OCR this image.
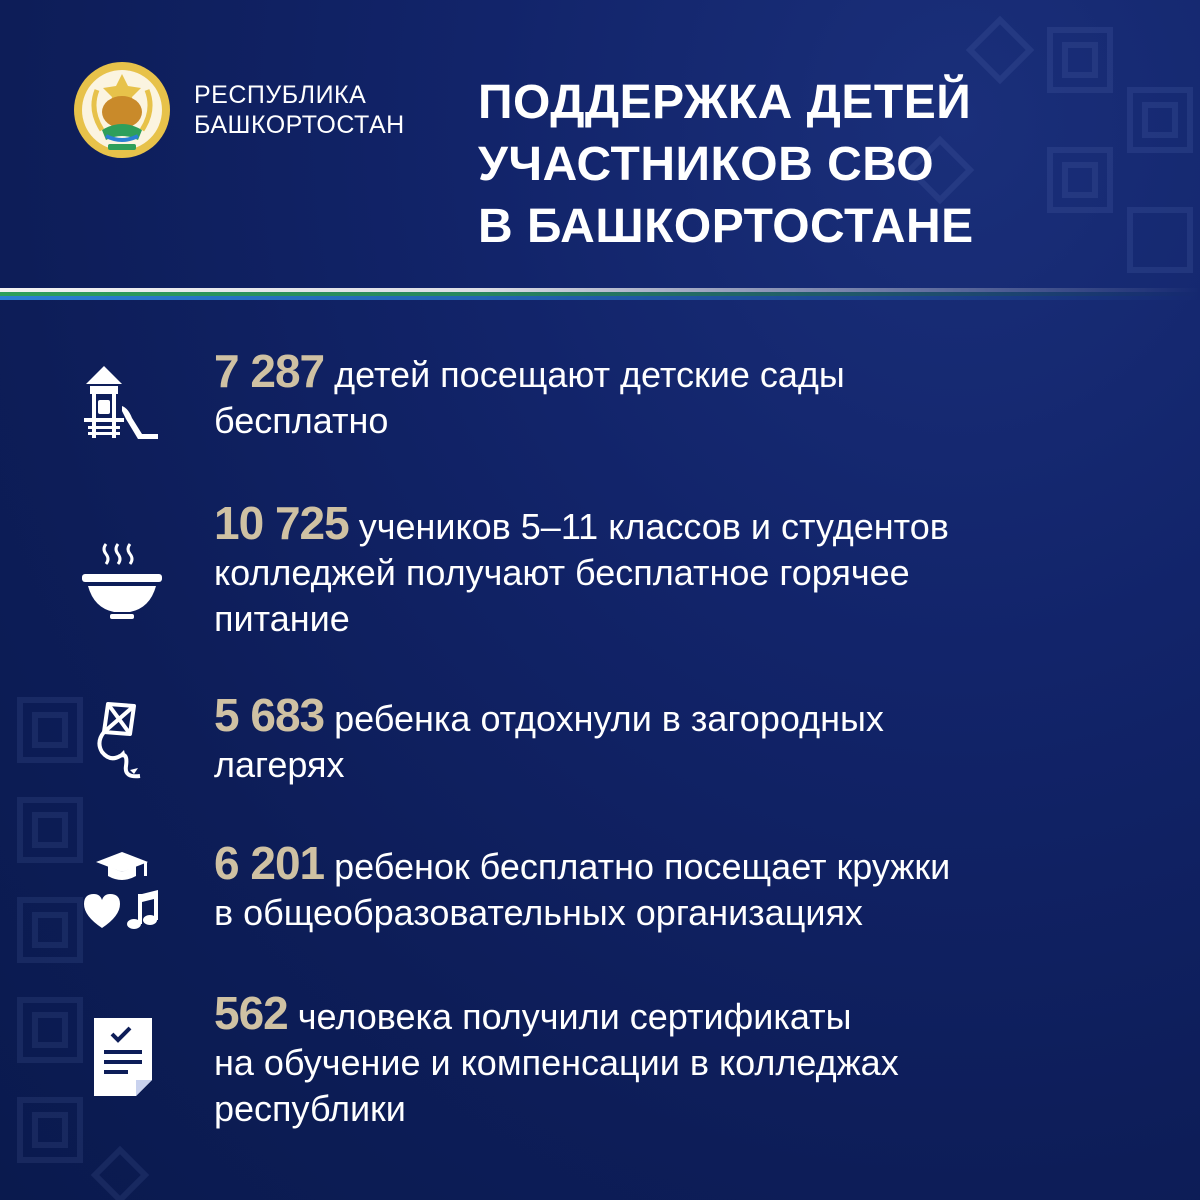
РЕСПУБЛИКА
БАШКОРТОСТАН ПОДДЕРЖКА ДЕТЕЙ
УЧАСТНИКОВ СВО
В БАШКОРТОСТАНЕ
7 287 детей посещают детские сады
бесплатно
10 725 учеников 5–11 классов и студентов
колледжей получают бесплатное горячее
питание
5 683 ребенка отдохнули в загородных
лагерях
6 201 ребенок бесплатно посещает кружки
в общеобразовательных организациях
562 человека получили сертификаты
на обучение и компенсации в колледжах
республики
